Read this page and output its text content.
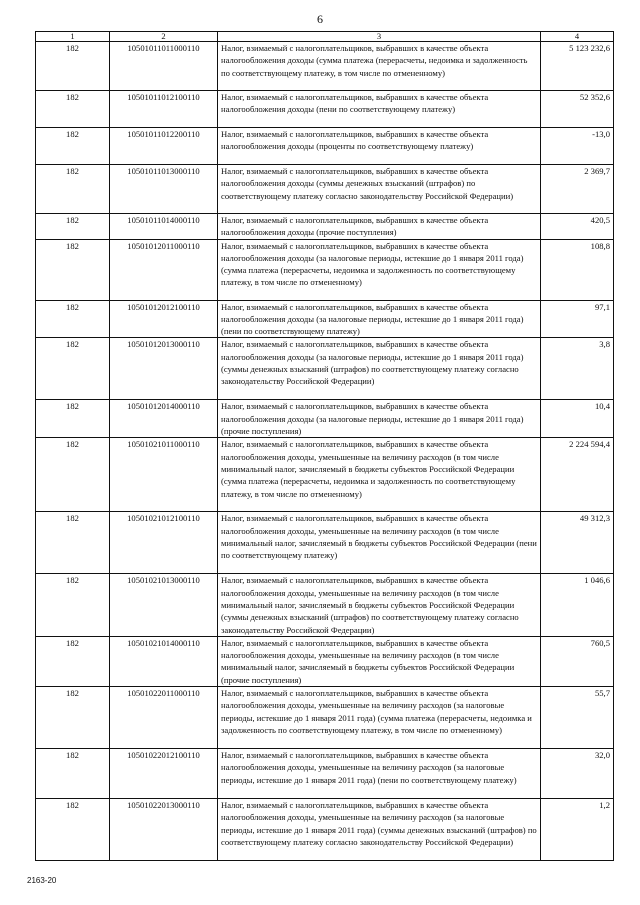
6
1	2	3	4
182	10501011011000110	Налог, взимаемый с налогоплательщиков, выбравших в качестве объекта налогообложения доходы (сумма платежа (перерасчеты, недоимка и задолженность по соответствующему платежу, в том числе по отмененному)	5 123 232,6
182	10501011012100110	Налог, взимаемый с налогоплательщиков, выбравших в качестве объекта налогообложения доходы (пени по соответствующему платежу)	52 352,6
182	10501011012200110	Налог, взимаемый с налогоплательщиков, выбравших в качестве объекта налогообложения доходы (проценты по соответствующему платежу)	-13,0
182	10501011013000110	Налог, взимаемый с налогоплательщиков, выбравших в качестве объекта налогообложения доходы (суммы денежных взысканий (штрафов) по соответствующему платежу согласно законодательству Российской Федерации)	2 369,7
182	10501011014000110	Налог, взимаемый с налогоплательщиков, выбравших в качестве объекта налогообложения доходы (прочие поступления)	420,5
182	10501012011000110	Налог, взимаемый с налогоплательщиков, выбравших в качестве объекта налогообложения доходы (за налоговые периоды, истекшие до 1 января 2011 года) (сумма платежа (перерасчеты, недоимка и задолженность по соответствующему платежу, в том числе по отмененному)	108,8
182	10501012012100110	Налог, взимаемый с налогоплательщиков, выбравших в качестве объекта налогообложения доходы (за налоговые периоды, истекшие до 1 января 2011 года) (пени по соответствующему платежу)	97,1
182	10501012013000110	Налог, взимаемый с налогоплательщиков, выбравших в качестве объекта налогообложения доходы (за налоговые периоды, истекшие до 1 января 2011 года) (суммы денежных взысканий (штрафов) по соответствующему платежу согласно законодательству Российской Федерации)	3,8
182	10501012014000110	Налог, взимаемый с налогоплательщиков, выбравших в качестве объекта налогообложения доходы (за налоговые периоды, истекшие до 1 января 2011 года) (прочие поступления)	10,4
182	10501021011000110	Налог, взимаемый с налогоплательщиков, выбравших в качестве объекта налогообложения доходы, уменьшенные на величину расходов (в том числе минимальный налог, зачисляемый в бюджеты субъектов Российской Федерации (сумма платежа (перерасчеты, недоимка и задолженность по соответствующему платежу, в том числе по отмененному)	2 224 594,4
182	10501021012100110	Налог, взимаемый с налогоплательщиков, выбравших в качестве объекта налогообложения доходы, уменьшенные на величину расходов (в том числе минимальный налог, зачисляемый в бюджеты субъектов Российской Федерации (пени по соответствующему платежу)	49 312,3
182	10501021013000110	Налог, взимаемый с налогоплательщиков, выбравших в качестве объекта налогообложения доходы, уменьшенные на величину расходов (в том числе минимальный налог, зачисляемый в бюджеты субъектов Российской Федерации (суммы денежных взысканий (штрафов) по соответствующему платежу согласно законодательству Российской Федерации)	1 046,6
182	10501021014000110	Налог, взимаемый с налогоплательщиков, выбравших в качестве объекта налогообложения доходы, уменьшенные на величину расходов (в том числе минимальный налог, зачисляемый в бюджеты субъектов Российской Федерации (прочие поступления)	760,5
182	10501022011000110	Налог, взимаемый с налогоплательщиков, выбравших в качестве объекта налогообложения доходы, уменьшенные на величину расходов (за налоговые периоды, истекшие до 1 января 2011 года) (сумма платежа (перерасчеты, недоимка и задолженность по соответствующему платежу, в том числе по отмененному)	55,7
182	10501022012100110	Налог, взимаемый с налогоплательщиков, выбравших в качестве объекта налогообложения доходы, уменьшенные на величину расходов (за налоговые периоды, истекшие до 1 января 2011 года) (пени по соответствующему платежу)	32,0
182	10501022013000110	Налог, взимаемый с налогоплательщиков, выбравших в качестве объекта налогообложения доходы, уменьшенные на величину расходов (за налоговые периоды, истекшие до 1 января 2011 года) (суммы денежных взысканий (штрафов) по соответствующему платежу согласно законодательству Российской Федерации)	1,2
2163-20
